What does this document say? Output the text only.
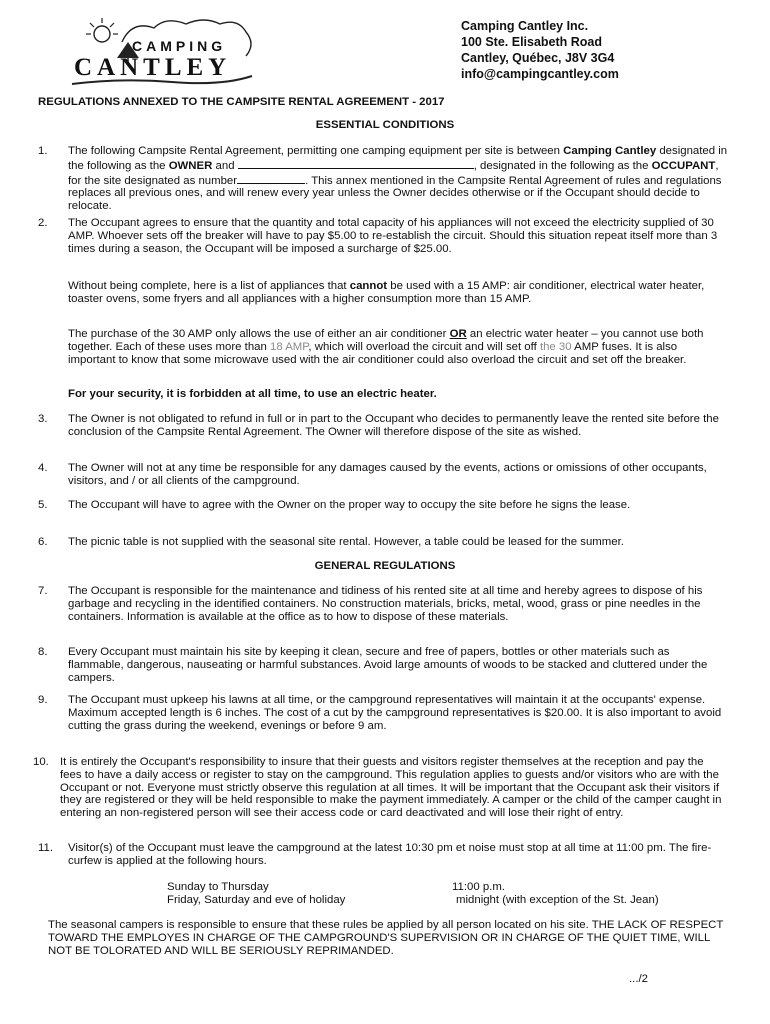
CAMPING
CANTLEY
Camping Cantley Inc.
100 Ste. Elisabeth Road
Cantley, Québec, J8V 3G4
info@campingcantley.com
REGULATIONS ANNEXED TO THE CAMPSITE RENTAL AGREEMENT - 2017
ESSENTIAL CONDITIONS
1. The following Campsite Rental Agreement, permitting one camping equipment per site is between Camping Cantley designated in the following as the OWNER and	, designated in the following as the OCCUPANT, for the site designated as number	. This annex mentioned in the Campsite Rental Agreement of rules and regulations replaces all previous ones, and will renew every year unless the Owner decides otherwise or if the Occupant should decide to relocate.
2. The Occupant agrees to ensure that the quantity and total capacity of his appliances will not exceed the electricity supplied of 30 AMP. Whoever sets off the breaker will have to pay $5.00 to re-establish the circuit. Should this situation repeat itself more than 3 times during a season, the Occupant will be imposed a surcharge of $25.00.
Without being complete, here is a list of appliances that cannot be used with a 15 AMP: air conditioner, electrical water heater, toaster ovens, some fryers and all appliances with a higher consumption more than 15 AMP.
The purchase of the 30 AMP only allows the use of either an air conditioner OR an electric water heater – you cannot use both together. Each of these uses more than 18 AMP, which will overload the circuit and will set off the 30 AMP fuses. It is also important to know that some microwave used with the air conditioner could also overload the circuit and set off the breaker.
For your security, it is forbidden at all time, to use an electric heater.
3. The Owner is not obligated to refund in full or in part to the Occupant who decides to permanently leave the rented site before the conclusion of the Campsite Rental Agreement. The Owner will therefore dispose of the site as wished.
4. The Owner will not at any time be responsible for any damages caused by the events, actions or omissions of other occupants, visitors, and / or all clients of the campground.
5. The Occupant will have to agree with the Owner on the proper way to occupy the site before he signs the lease.
6. The picnic table is not supplied with the seasonal site rental. However, a table could be leased for the summer.
GENERAL REGULATIONS
7. The Occupant is responsible for the maintenance and tidiness of his rented site at all time and hereby agrees to dispose of his garbage and recycling in the identified containers. No construction materials, bricks, metal, wood, grass or pine needles in the containers. Information is available at the office as to how to dispose of these materials.
8. Every Occupant must maintain his site by keeping it clean, secure and free of papers, bottles or other materials such as flammable, dangerous, nauseating or harmful substances. Avoid large amounts of woods to be stacked and cluttered under the campers.
9. The Occupant must upkeep his lawns at all time, or the campground representatives will maintain it at the occupants' expense. Maximum accepted length is 6 inches. The cost of a cut by the campground representatives is $20.00. It is also important to avoid cutting the grass during the weekend, evenings or before 9 am.
10. It is entirely the Occupant's responsibility to insure that their guests and visitors register themselves at the reception and pay the fees to have a daily access or register to stay on the campground. This regulation applies to guests and/or visitors who are with the Occupant or not. Everyone must strictly observe this regulation at all times. It will be important that the Occupant ask their visitors if they are registered or they will be held responsible to make the payment immediately. A camper or the child of the camper caught in entering an non-registered person will see their access code or card deactivated and will lose their right of entry.
11. Visitor(s) of the Occupant must leave the campground at the latest 10:30 pm et noise must stop at all time at 11:00 pm. The fire-curfew is applied at the following hours.
Sunday to Thursday	11:00 p.m.
Friday, Saturday and eve of holiday	midnight (with exception of the St. Jean)
The seasonal campers is responsible to ensure that these rules be applied by all person located on his site. THE LACK OF RESPECT TOWARD THE EMPLOYES IN CHARGE OF THE CAMPGROUND'S SUPERVISION OR IN CHARGE OF THE QUIET TIME, WILL NOT BE TOLORATED AND WILL BE SERIOUSLY REPRIMANDED.
.../2
